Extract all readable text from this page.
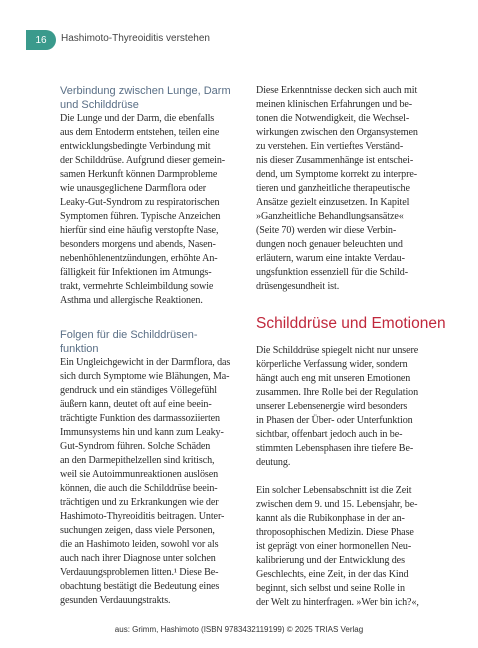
16 Hashimoto-Thyreoiditis verstehen
Verbindung zwischen Lunge, Darm
und Schilddrüse

Die Lunge und der Darm, die ebenfalls
aus dem Entoderm entstehen, teilen eine
entwicklungsbedingte Verbindung mit
der Schilddrüse. Aufgrund dieser gemein-
samen Herkunft können Darmprobleme
wie unausgeglichene Darmflora oder
Leaky-Gut-Syndrom zu respiratorischen
Symptomen führen. Typische Anzeichen
hierfür sind eine häufig verstopfte Nase,
besonders morgens und abends, Nasen-
nebenhöhlenentzündungen, erhöhte An-
fälligkeit für Infektionen im Atmungs-
trakt, vermehrte Schleimbildung sowie
Asthma und allergische Reaktionen.

Folgen für die Schilddrüsen-
funktion

Ein Ungleichgewicht in der Darmflora, das
sich durch Symptome wie Blähungen, Ma-
gendruck und ein ständiges Völlegefühl
äußern kann, deutet oft auf eine beein-
trächtigte Funktion des darmassoziierten
Immunsystems hin und kann zum Leaky-
Gut-Syndrom führen. Solche Schäden
an den Darmepithelzellen sind kritisch,
weil sie Autoimmunreaktionen auslösen
können, die auch die Schilddrüse beein-
trächtigen und zu Erkrankungen wie der
Hashimoto-Thyreoiditis beitragen. Unter-
suchungen zeigen, dass viele Personen,
die an Hashimoto leiden, sowohl vor als
auch nach ihrer Diagnose unter solchen
Verdauungsproblemen litten.¹ Diese Be-
obachtung bestätigt die Bedeutung eines
gesunden Verdauungstrakts.

Diese Erkenntnisse decken sich auch mit
meinen klinischen Erfahrungen und be-
tonen die Notwendigkeit, die Wechsel-
wirkungen zwischen den Organsystemen
zu verstehen. Ein vertieftes Verständ-
nis dieser Zusammenhänge ist entschei-
dend, um Symptome korrekt zu interpre-
tieren und ganzheitliche therapeutische
Ansätze gezielt einzusetzen. In Kapitel
»Ganzheitliche Behandlungsansätze«
(Seite 70) werden wir diese Verbin-
dungen noch genauer beleuchten und
erläutern, warum eine intakte Verdau-
ungsfunktion essenziell für die Schild-
drüsengesundheit ist.

Schilddrüse und Emotionen

Die Schilddrüse spiegelt nicht nur unsere
körperliche Verfassung wider, sondern
hängt auch eng mit unseren Emotionen
zusammen. Ihre Rolle bei der Regulation
unserer Lebensenergie wird besonders
in Phasen der Über- oder Unterfunktion
sichtbar, offenbart jedoch auch in be-
stimmten Lebensphasen ihre tiefere Be-
deutung.

Ein solcher Lebensabschnitt ist die Zeit
zwischen dem 9. und 15. Lebensjahr, be-
kannt als die Rubikonphase in der an-
throposophischen Medizin. Diese Phase
ist geprägt von einer hormonellen Neu-
kalibrierung und der Entwicklung des
Geschlechts, eine Zeit, in der das Kind
beginnt, sich selbst und seine Rolle in
der Welt zu hinterfragen. »Wer bin ich?«,

aus: Grimm, Hashimoto (ISBN 9783432119199) © 2025 TRIAS Verlag
